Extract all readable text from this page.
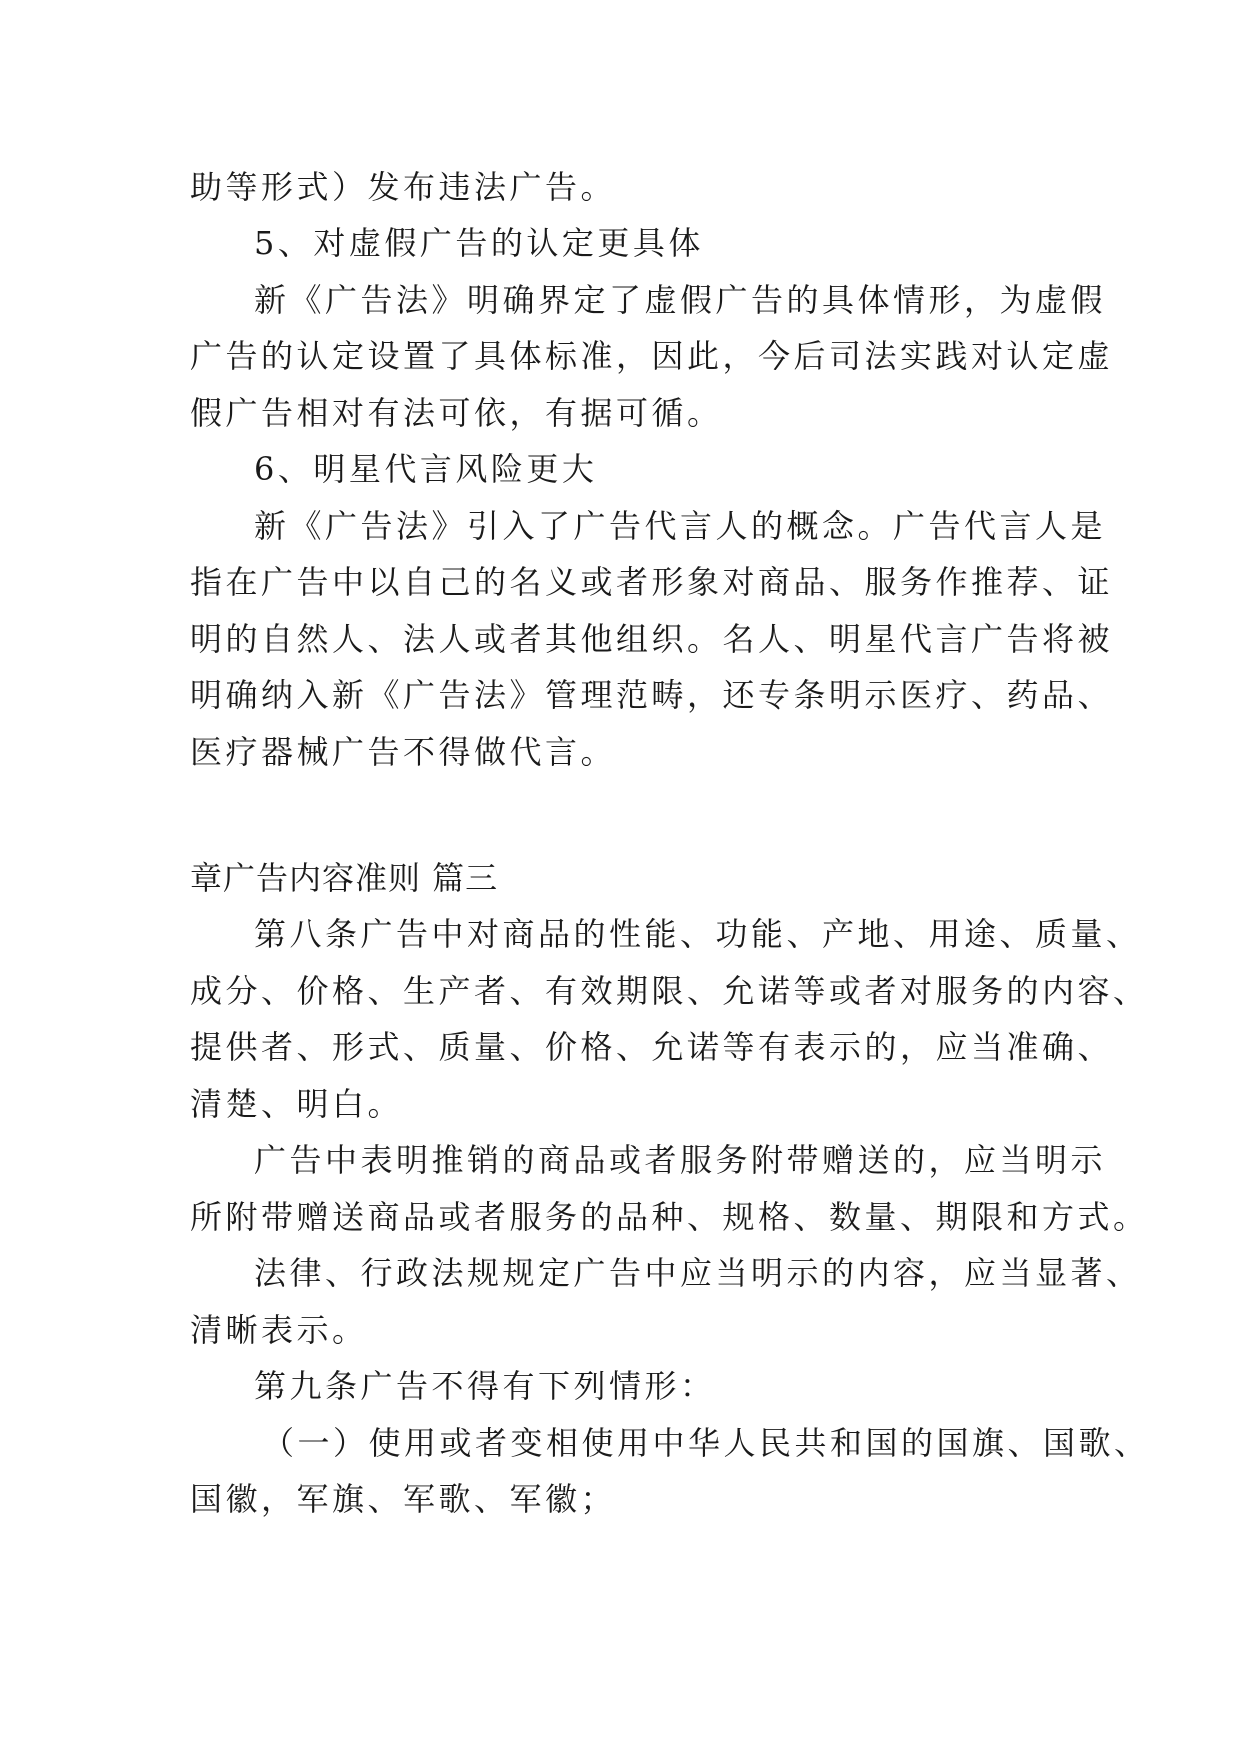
助等形式）发布违法广告。
5、对虚假广告的认定更具体
新《广告法》明确界定了虚假广告的具体情形，为虚假
广告的认定设置了具体标准，因此，今后司法实践对认定虚
假广告相对有法可依，有据可循。
6、明星代言风险更大
新《广告法》引入了广告代言人的概念。广告代言人是
指在广告中以自己的名义或者形象对商品、服务作推荐、证
明的自然人、法人或者其他组织。名人、明星代言广告将被
明确纳入新《广告法》管理范畴，还专条明示医疗、药品、
医疗器械广告不得做代言。
章广告内容准则 篇三
第八条广告中对商品的性能、功能、产地、用途、质量、
成分、价格、生产者、有效期限、允诺等或者对服务的内容、
提供者、形式、质量、价格、允诺等有表示的，应当准确、
清楚、明白。
广告中表明推销的商品或者服务附带赠送的，应当明示
所附带赠送商品或者服务的品种、规格、数量、期限和方式。
法律、行政法规规定广告中应当明示的内容，应当显著、
清晰表示。
第九条广告不得有下列情形：
（一）使用或者变相使用中华人民共和国的国旗、国歌、
国徽，军旗、军歌、军徽；
